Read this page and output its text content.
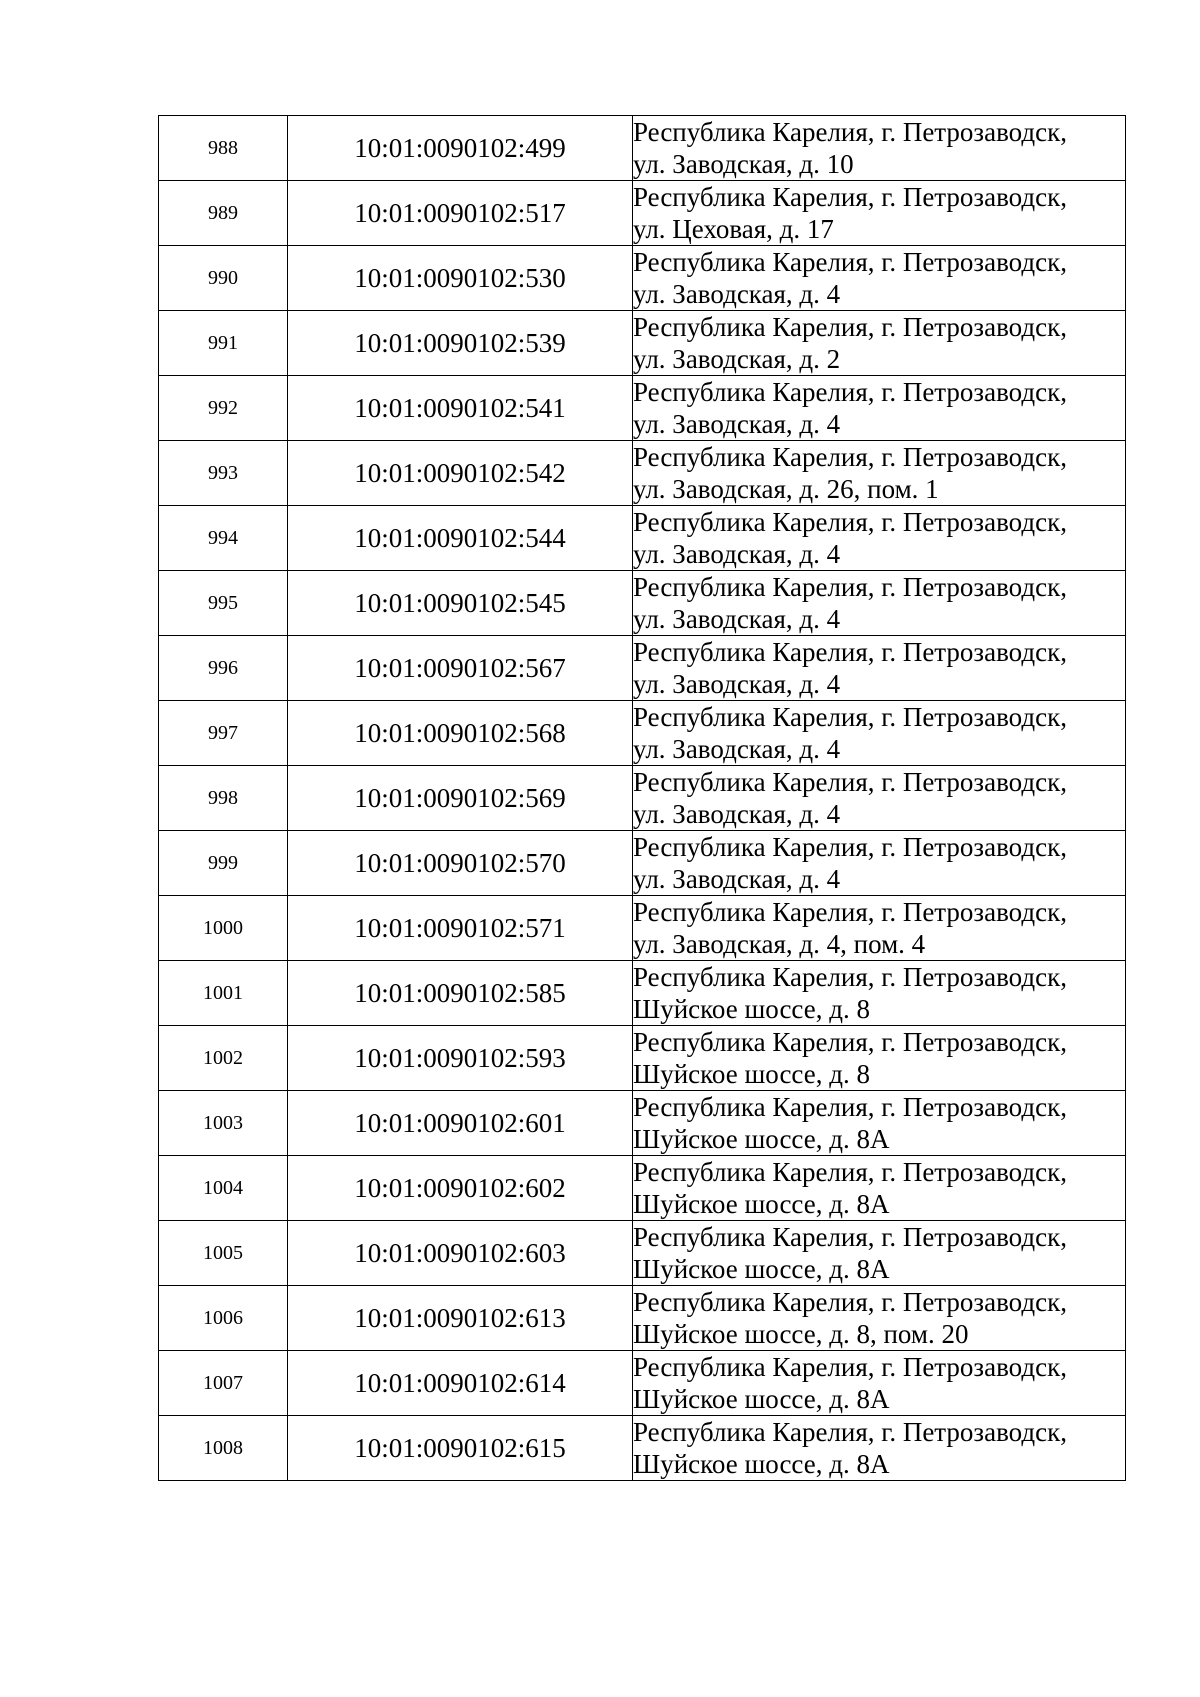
988	10:01:0090102:499	Республика Карелия, г. Петрозаводск,
ул. Заводская, д. 10

989	10:01:0090102:517	Республика Карелия, г. Петрозаводск,
ул. Цеховая, д. 17

990	10:01:0090102:530	Республика Карелия, г. Петрозаводск,
ул. Заводская, д. 4

991	10:01:0090102:539	Республика Карелия, г. Петрозаводск,
ул. Заводская, д. 2

992	10:01:0090102:541	Республика Карелия, г. Петрозаводск,
ул. Заводская, д. 4

993	10:01:0090102:542	Республика Карелия, г. Петрозаводск,
ул. Заводская, д. 26, пом. 1

994	10:01:0090102:544	Республика Карелия, г. Петрозаводск,
ул. Заводская, д. 4

995	10:01:0090102:545	Республика Карелия, г. Петрозаводск,
ул. Заводская, д. 4

996	10:01:0090102:567	Республика Карелия, г. Петрозаводск,
ул. Заводская, д. 4

997	10:01:0090102:568	Республика Карелия, г. Петрозаводск,
ул. Заводская, д. 4

998	10:01:0090102:569	Республика Карелия, г. Петрозаводск,
ул. Заводская, д. 4

999	10:01:0090102:570	Республика Карелия, г. Петрозаводск,
ул. Заводская, д. 4

1000	10:01:0090102:571	Республика Карелия, г. Петрозаводск,
ул. Заводская, д. 4, пом. 4

1001	10:01:0090102:585	Республика Карелия, г. Петрозаводск,
Шуйское шоссе, д. 8

1002	10:01:0090102:593	Республика Карелия, г. Петрозаводск,
Шуйское шоссе, д. 8

1003	10:01:0090102:601	Республика Карелия, г. Петрозаводск,
Шуйское шоссе, д. 8А

1004	10:01:0090102:602	Республика Карелия, г. Петрозаводск,
Шуйское шоссе, д. 8А

1005	10:01:0090102:603	Республика Карелия, г. Петрозаводск,
Шуйское шоссе, д. 8А

1006	10:01:0090102:613	Республика Карелия, г. Петрозаводск,
Шуйское шоссе, д. 8, пом. 20

1007	10:01:0090102:614	Республика Карелия, г. Петрозаводск,
Шуйское шоссе, д. 8А

1008	10:01:0090102:615	Республика Карелия, г. Петрозаводск,
Шуйское шоссе, д. 8А
